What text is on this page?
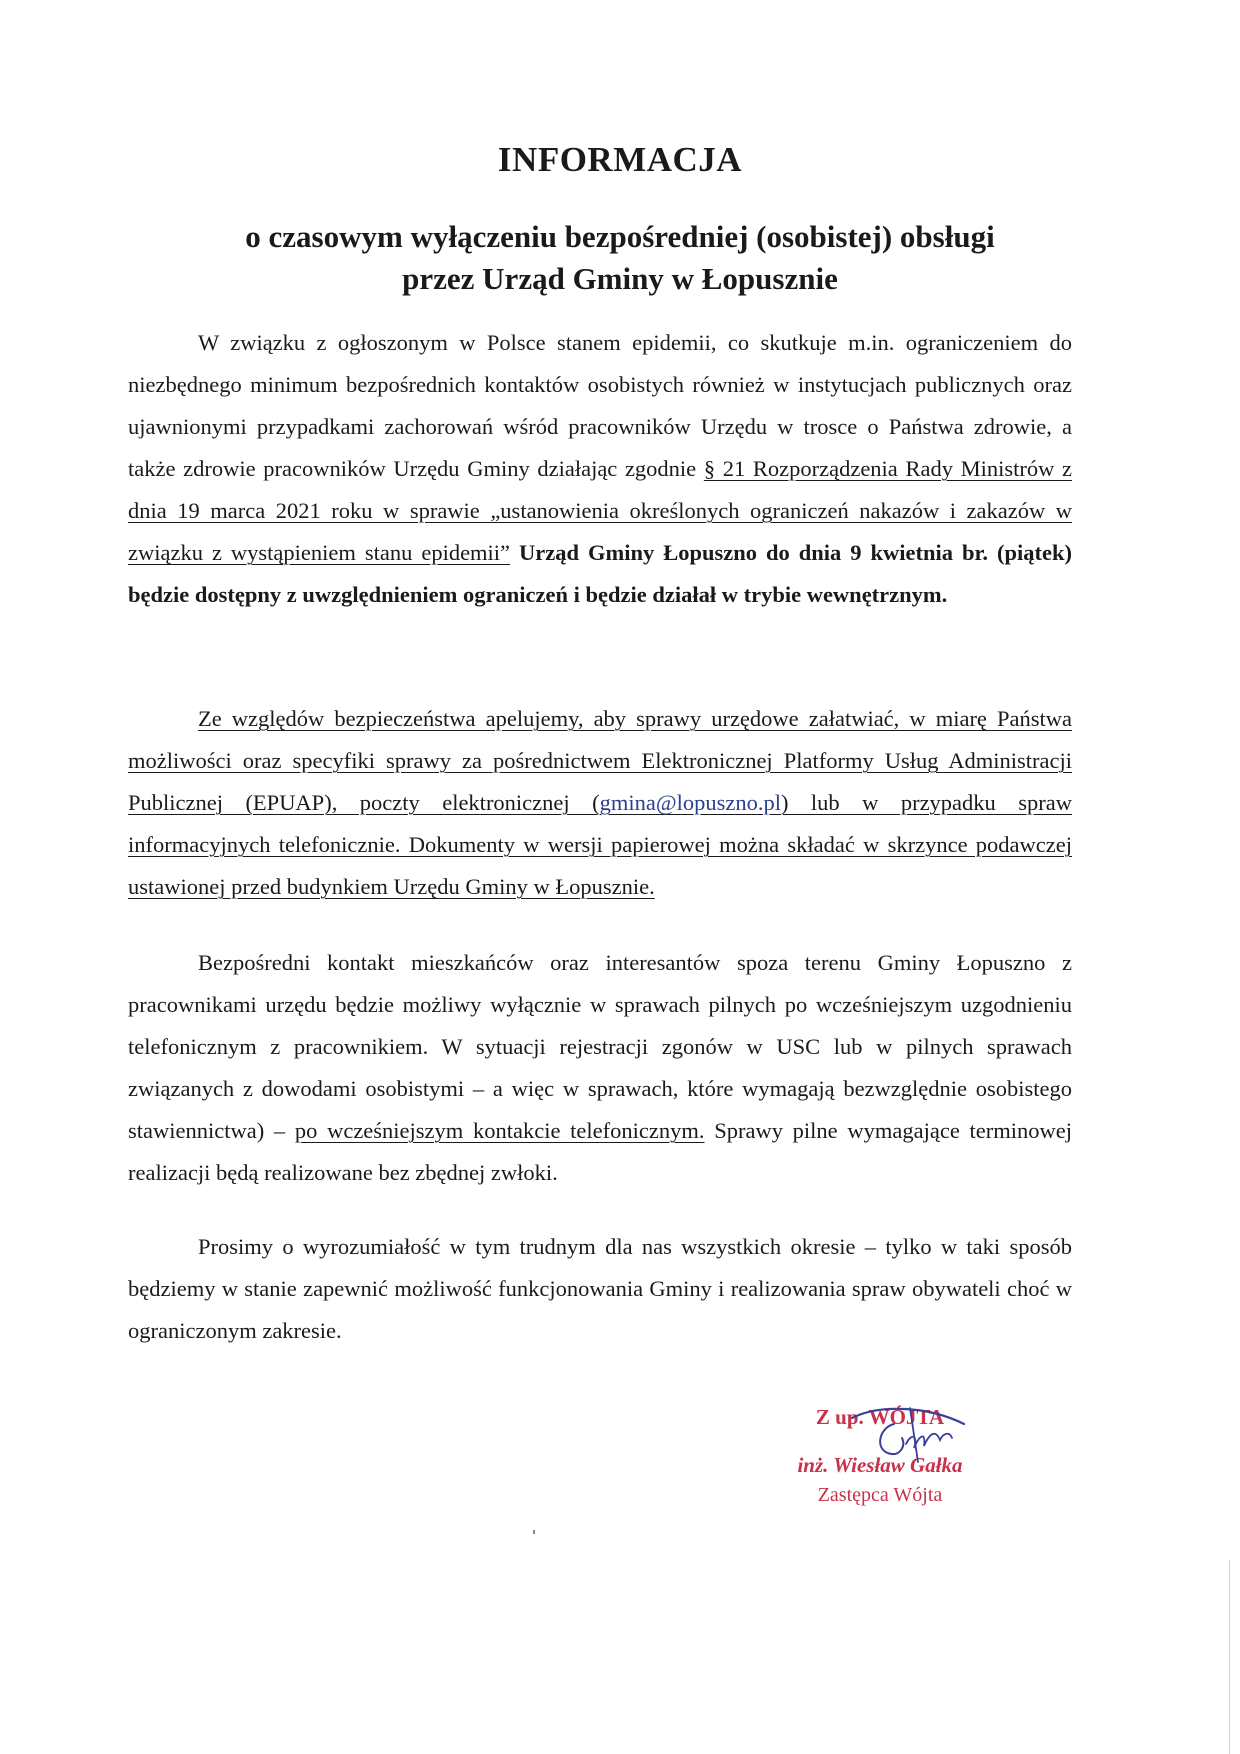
INFORMACJA
o czasowym wyłączeniu bezpośredniej (osobistej) obsługi
przez Urząd Gminy w Łopusznie

W związku z ogłoszonym w Polsce stanem epidemii, co skutkuje m.in. ograniczeniem do niezbędnego minimum bezpośrednich kontaktów osobistych również w instytucjach publicznych oraz ujawnionymi przypadkami zachorowań wśród pracowników Urzędu w trosce o Państwa zdrowie, a także zdrowie pracowników Urzędu Gminy działając zgodnie § 21 Rozporządzenia Rady Ministrów z dnia 19 marca 2021 roku w sprawie „ustanowienia określonych ograniczeń nakazów i zakazów w związku z wystąpieniem stanu epidemii” Urząd Gminy Łopuszno do dnia 9 kwietnia br. (piątek) będzie dostępny z uwzględnieniem ograniczeń i będzie działał w trybie wewnętrznym.

Ze względów bezpieczeństwa apelujemy, aby sprawy urzędowe załatwiać, w miarę Państwa możliwości oraz specyfiki sprawy za pośrednictwem Elektronicznej Platformy Usług Administracji Publicznej (EPUAP), poczty elektronicznej (gmina@lopuszno.pl) lub w przypadku spraw informacyjnych telefonicznie. Dokumenty w wersji papierowej można składać w skrzynce podawczej ustawionej przed budynkiem Urzędu Gminy w Łopusznie.

Bezpośredni kontakt mieszkańców oraz interesantów spoza terenu Gminy Łopuszno z pracownikami urzędu będzie możliwy wyłącznie w sprawach pilnych po wcześniejszym uzgodnieniu telefonicznym z pracownikiem. W sytuacji rejestracji zgonów w USC lub w pilnych sprawach związanych z dowodami osobistymi – a więc w sprawach, które wymagają bezwzględnie osobistego stawiennictwa) – po wcześniejszym kontakcie telefonicznym. Sprawy pilne wymagające terminowej realizacji będą realizowane bez zbędnej zwłoki.

Prosimy o wyrozumiałość w tym trudnym dla nas wszystkich okresie – tylko w taki sposób będziemy w stanie zapewnić możliwość funkcjonowania Gminy i realizowania spraw obywateli choć w ograniczonym zakresie.

Z up. WÓJTA
inż. Wiesław Gałka
Zastępca Wójta
